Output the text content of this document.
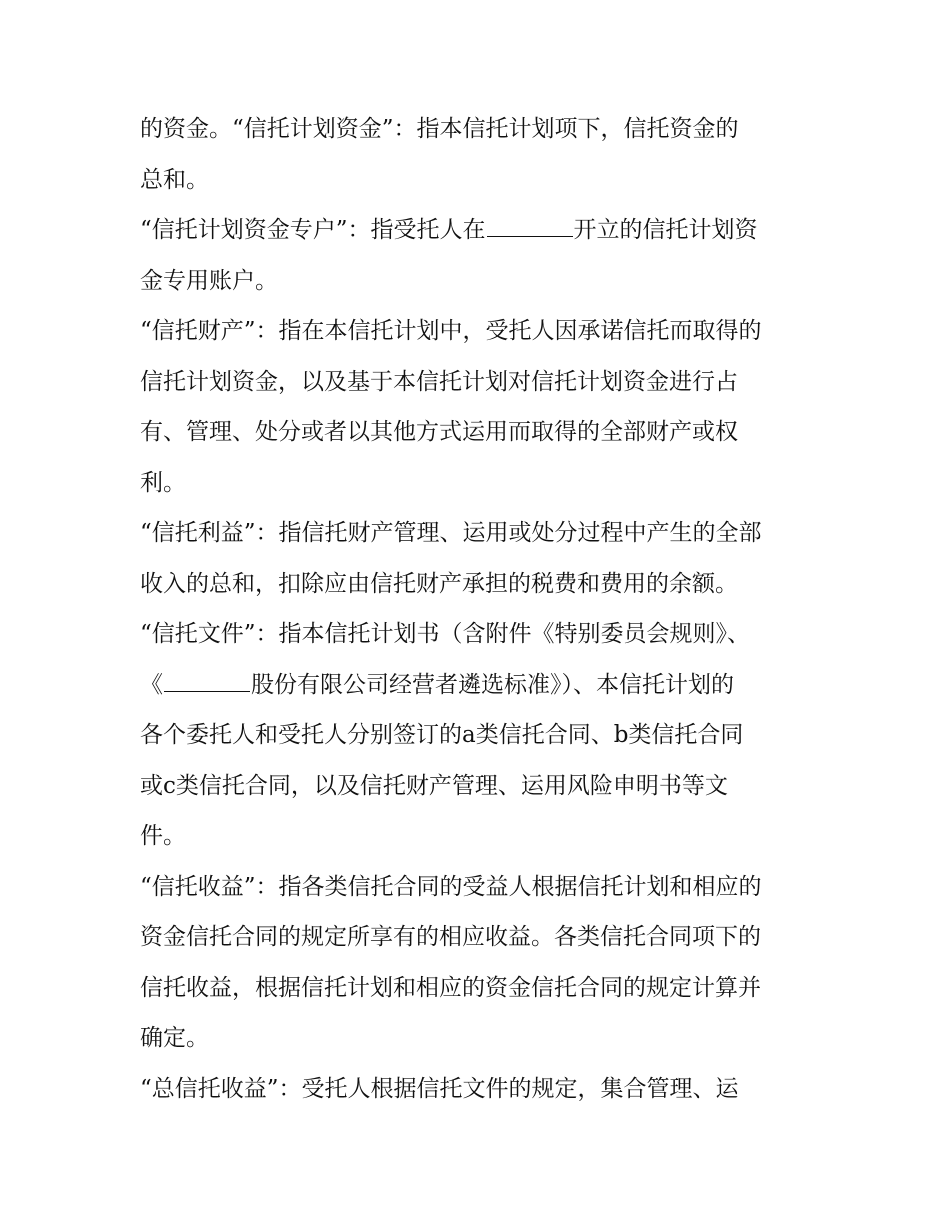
的资金。“信托计划资金”：指本信托计划项下，信托资金的
总和。
“信托计划资金专户”：指受托人在	开立的信托计划资
金专用账户。
“信托财产”：指在本信托计划中，受托人因承诺信托而取得的
信托计划资金，以及基于本信托计划对信托计划资金进行占
有、管理、处分或者以其他方式运用而取得的全部财产或权
利。
“信托利益”：指信托财产管理、运用或处分过程中产生的全部
收入的总和，扣除应由信托财产承担的税费和费用的余额。
“信托文件”：指本信托计划书（含附件《特别委员会规则》、
《	股份有限公司经营者遴选标准》）、本信托计划的
各个委托人和受托人分别签订的a类信托合同、b类信托合同
或c类信托合同，以及信托财产管理、运用风险申明书等文
件。
“信托收益”：指各类信托合同的受益人根据信托计划和相应的
资金信托合同的规定所享有的相应收益。各类信托合同项下的
信托收益，根据信托计划和相应的资金信托合同的规定计算并
确定。
“总信托收益”：受托人根据信托文件的规定，集合管理、运
